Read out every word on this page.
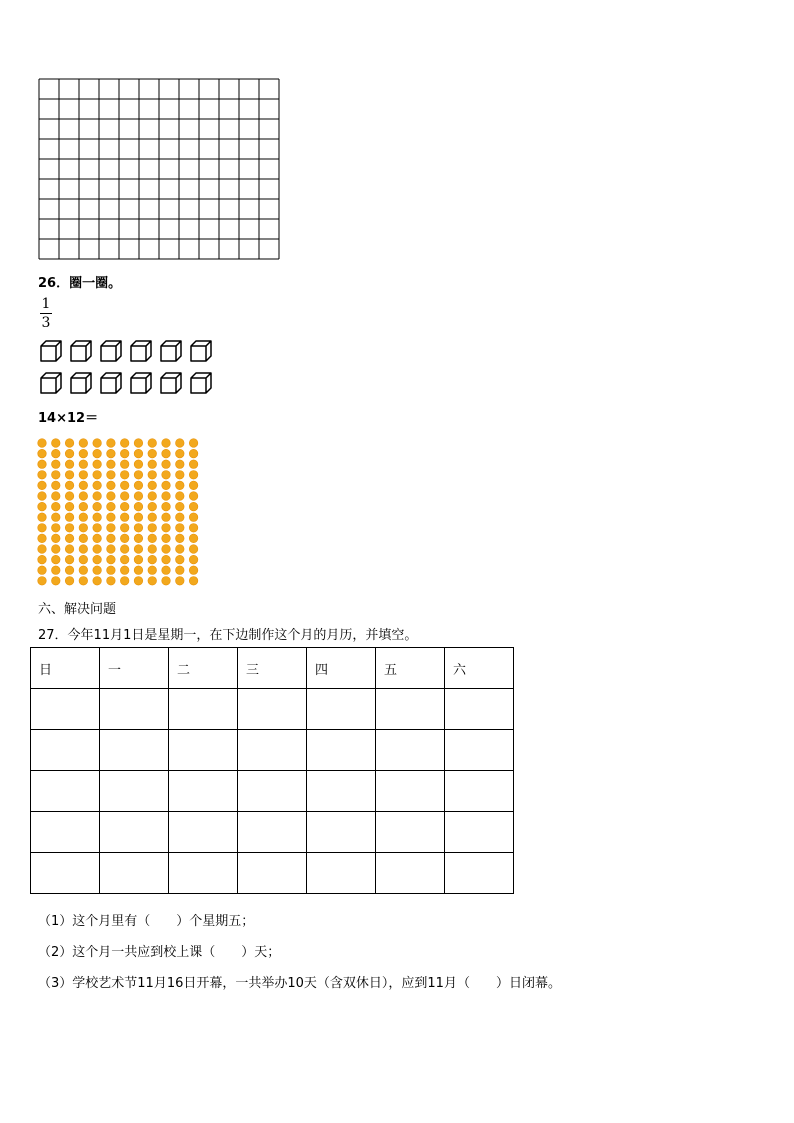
26．圈一圈。
1
3
14×12＝
六、解决问题
27．今年11月1日是星期一，在下边制作这个月的月历，并填空。
日	一	二	三	四	五	六

（1）这个月里有（　　）个星期五；
（2）这个月一共应到校上课（　　）天；
（3）学校艺术节11月16日开幕，一共举办10天（含双休日），应到11月（　　）日闭幕。
